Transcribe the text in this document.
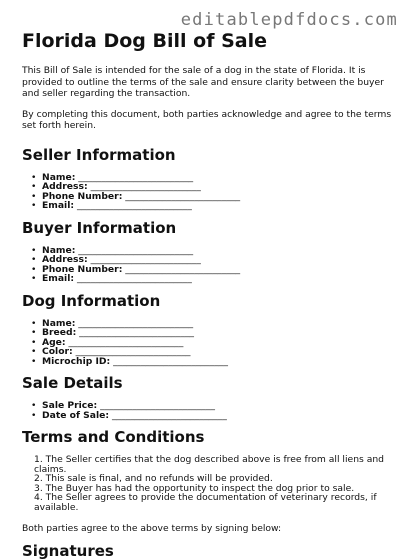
editablepdfdocs.com
Florida Dog Bill of Sale

This Bill of Sale is intended for the sale of a dog in the state of Florida. It is provided to outline the terms of the sale and ensure clarity between the buyer and seller regarding the transaction.

By completing this document, both parties acknowledge and agree to the terms set forth herein.

Seller Information
• Name: _________________________
• Address: ________________________
• Phone Number: _________________________
• Email: _________________________
Buyer Information
• Name: _________________________
• Address: ________________________
• Phone Number: _________________________
• Email: _________________________
Dog Information
• Name: _________________________
• Breed: _________________________
• Age: _________________________
• Color: _________________________
• Microchip ID: _________________________
Sale Details
• Sale Price: _________________________
• Date of Sale: _________________________
Terms and Conditions
1. The Seller certifies that the dog described above is free from all liens and claims.
2. This sale is final, and no refunds will be provided.
3. The Buyer has had the opportunity to inspect the dog prior to sale.
4. The Seller agrees to provide the documentation of veterinary records, if available.

Both parties agree to the above terms by signing below:

Signatures
